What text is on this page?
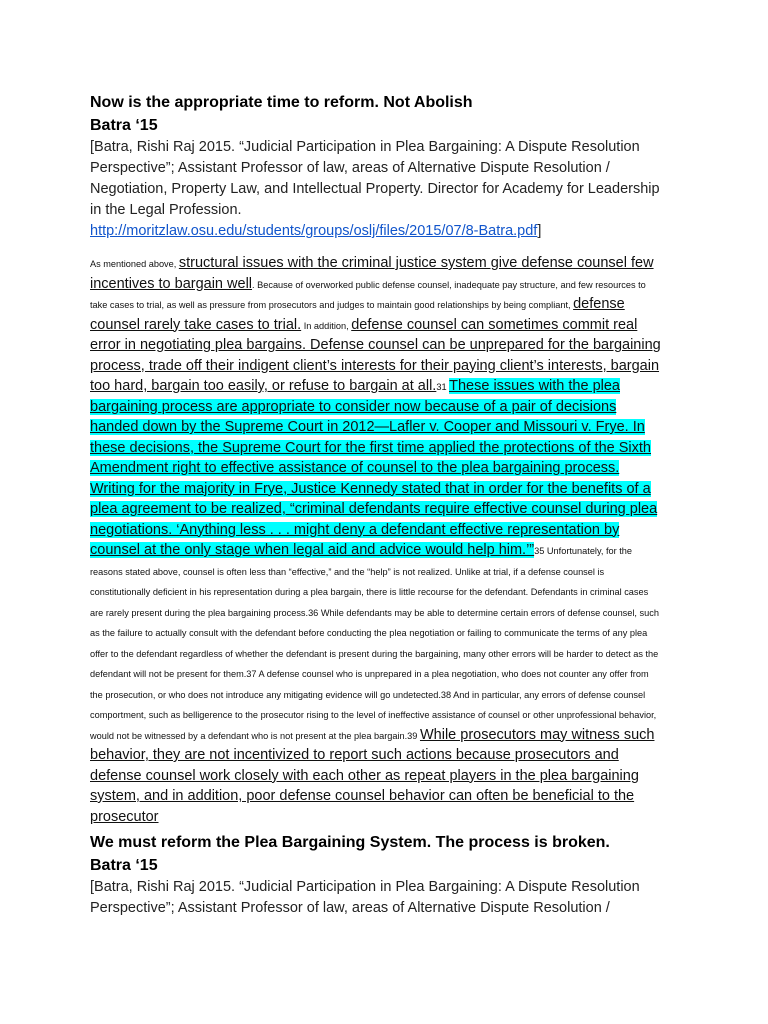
Now is the appropriate time to reform. Not Abolish

Batra ‘15
[Batra, Rishi Raj 2015. “Judicial Participation in Plea Bargaining: A Dispute Resolution Perspective”; Assistant Professor of law, areas of Alternative Dispute Resolution / Negotiation, Property Law, and Intellectual Property. Director for Academy for Leadership in the Legal Profession.
http://moritzlaw.osu.edu/students/groups/oslj/files/2015/07/8-Batra.pdf]
As mentioned above, structural issues with the criminal justice system give defense counsel few incentives to bargain well. Because of overworked public defense counsel, inadequate pay structure, and few resources to take cases to trial, as well as pressure from prosecutors and judges to maintain good relationships by being compliant, defense counsel rarely take cases to trial. In addition, defense counsel can sometimes commit real error in negotiating plea bargains. Defense counsel can be unprepared for the bargaining process, trade off their indigent client’s interests for their paying client’s interests, bargain too hard, bargain too easily, or refuse to bargain at all.31 These issues with the plea bargaining process are appropriate to consider now because of a pair of decisions handed down by the Supreme Court in 2012—Lafler v. Cooper and Missouri v. Frye. In these decisions, the Supreme Court for the first time applied the protections of the Sixth Amendment right to effective assistance of counsel to the plea bargaining process. Writing for the majority in Frye, Justice Kennedy stated that in order for the benefits of a plea agreement to be realized, “criminal defendants require effective counsel during plea negotiations. ‘Anything less . . . might deny a defendant effective representation by counsel at the only stage when legal aid and advice would help him.’”35 Unfortunately, for the reasons stated above, counsel is often less than “effective,” and the “help” is not realized. Unlike at trial, if a defense counsel is constitutionally deficient in his representation during a plea bargain, there is little recourse for the defendant. Defendants in criminal cases are rarely present during the plea bargaining process.36 While defendants may be able to determine certain errors of defense counsel, such as the failure to actually consult with the defendant before conducting the plea negotiation or failing to communicate the terms of any plea offer to the defendant regardless of whether the defendant is present during the bargaining, many other errors will be harder to detect as the defendant will not be present for them.37 A defense counsel who is unprepared in a plea negotiation, who does not counter any offer from the prosecution, or who does not introduce any mitigating evidence will go undetected.38 And in particular, any errors of defense counsel comportment, such as belligerence to the prosecutor rising to the level of ineffective assistance of counsel or other unprofessional behavior, would not be witnessed by a defendant who is not present at the plea bargain.39 While prosecutors may witness such behavior, they are not incentivized to report such actions because prosecutors and defense counsel work closely with each other as repeat players in the plea bargaining system, and in addition, poor defense counsel behavior can often be beneficial to the prosecutor

We must reform the Plea Bargaining System. The process is broken.

Batra ‘15
[Batra, Rishi Raj 2015. “Judicial Participation in Plea Bargaining: A Dispute Resolution Perspective”; Assistant Professor of law, areas of Alternative Dispute Resolution /
